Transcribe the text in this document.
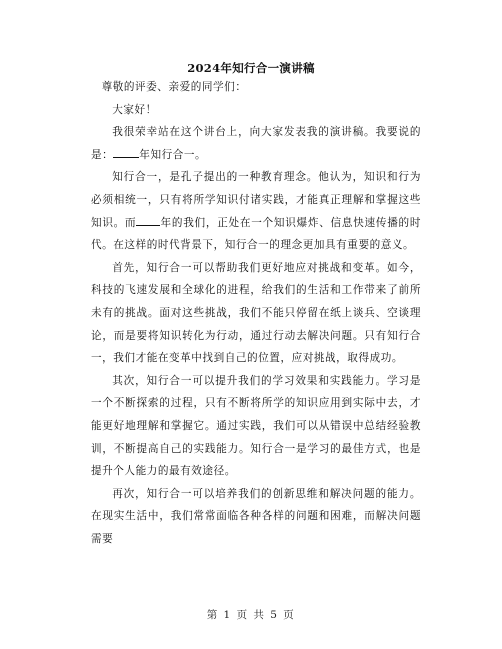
2024年知行合一演讲稿

尊敬的评委、亲爱的同学们：

大家好！

我很荣幸站在这个讲台上，向大家发表我的演讲稿。我要说的是： 年知行合一。

知行合一，是孔子提出的一种教育理念。他认为，知识和行为必须相统一，只有将所学知识付诸实践，才能真正理解和掌握这些知识。而 年的我们，正处在一个知识爆炸、信息快速传播的时代。在这样的时代背景下，知行合一的理念更加具有重要的意义。

首先，知行合一可以帮助我们更好地应对挑战和变革。如今，科技的飞速发展和全球化的进程，给我们的生活和工作带来了前所未有的挑战。面对这些挑战，我们不能只停留在纸上谈兵、空谈理论，而是要将知识转化为行动，通过行动去解决问题。只有知行合一，我们才能在变革中找到自己的位置，应对挑战，取得成功。

其次，知行合一可以提升我们的学习效果和实践能力。学习是一个不断探索的过程，只有不断将所学的知识应用到实际中去，才能更好地理解和掌握它。通过实践，我们可以从错误中总结经验教训，不断提高自己的实践能力。知行合一是学习的最佳方式，也是提升个人能力的最有效途径。

再次，知行合一可以培养我们的创新思维和解决问题的能力。在现实生活中，我们常常面临各种各样的问题和困难，而解决问题需要

第 1 页 共 5 页
